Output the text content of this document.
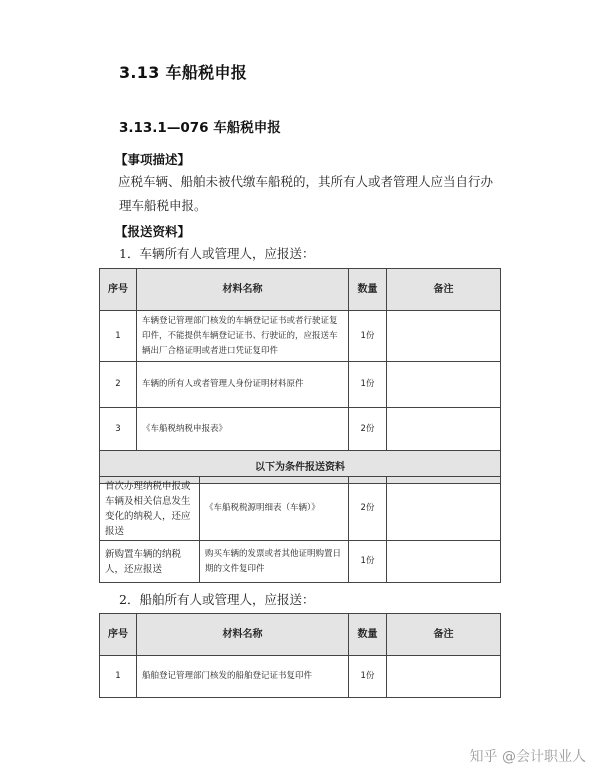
3.13 车船税申报
3.13.1—076 车船税申报
【事项描述】
应税车辆、船舶未被代缴车船税的，其所有人或者管理人应当自行办理车船税申报。
【报送资料】
1．车辆所有人或管理人，应报送：
序号	材料名称	数量	备注
1	车辆登记管理部门核发的车辆登记证书或者行驶证复印件，不能提供车辆登记证书、行驶证的，应报送车辆出厂合格证明或者进口凭证复印件	1份	
2	车辆的所有人或者管理人身份证明材料原件	1份	
3	《车船税纳税申报表》	2份	
以下为条件报送资料			
首次办理纳税申报或车辆及相关信息发生变化的纳税人，还应报送	《车船税税源明细表（车辆）》	2份	
新购置车辆的纳税人，还应报送	购买车辆的发票或者其他证明购置日期的文件复印件	1份	
2．船舶所有人或管理人，应报送：
序号	材料名称	数量	备注
1	船舶登记管理部门核发的船舶登记证书复印件	1份	
知乎 @会计职业人
